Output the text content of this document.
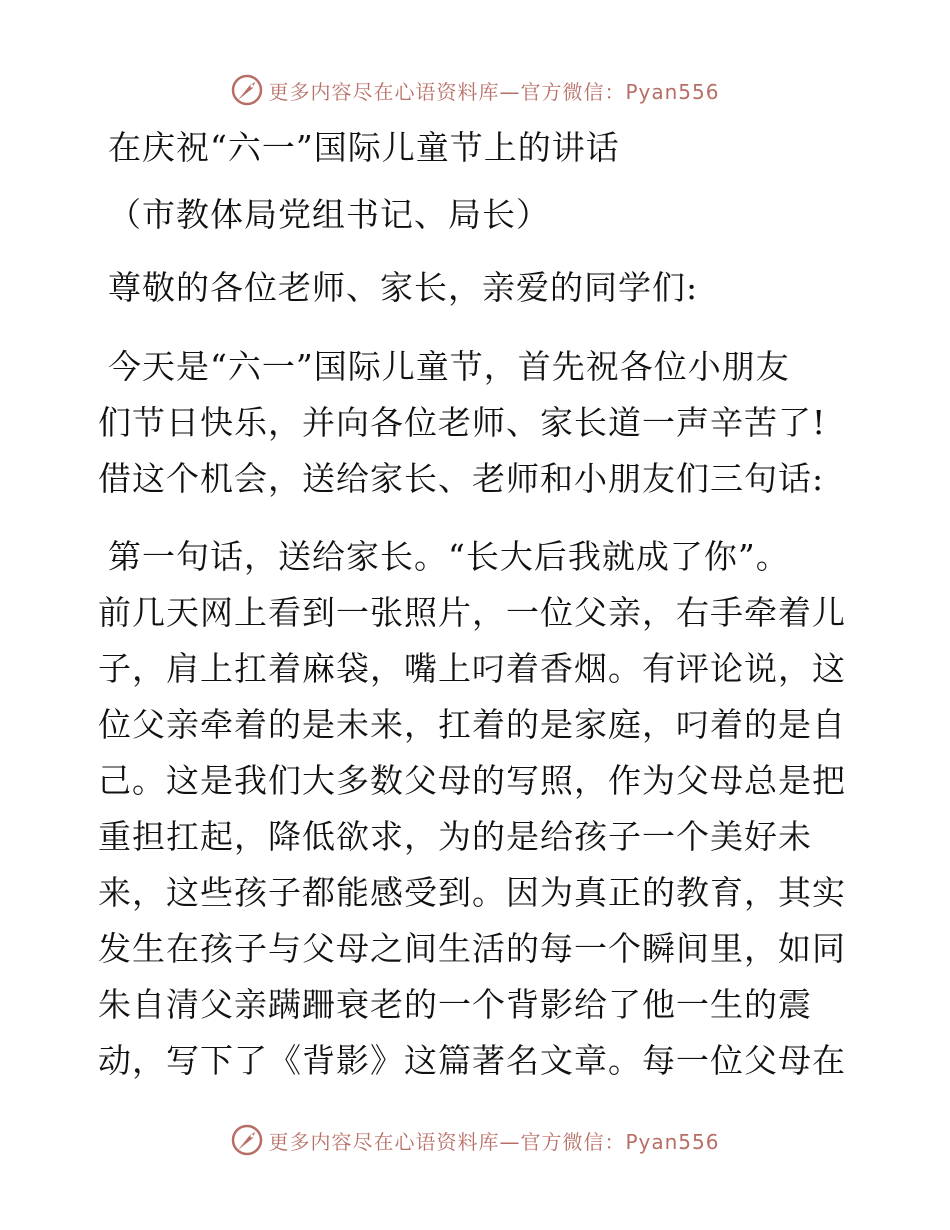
更多内容尽在心语资料库—官方微信：Pyan556

在庆祝“六一”国际儿童节上的讲话

（市教体局党组书记、局长）

尊敬的各位老师、家长，亲爱的同学们:

今天是“六一”国际儿童节，首先祝各位小朋友

们节日快乐，并向各位老师、家长道一声辛苦了!

借这个机会，送给家长、老师和小朋友们三句话:

第一句话，送给家长。“长大后我就成了你”。

前几天网上看到一张照片，一位父亲，右手牵着儿

子，肩上扛着麻袋，嘴上叼着香烟。有评论说，这

位父亲牵着的是未来，扛着的是家庭，叼着的是自

己。这是我们大多数父母的写照，作为父母总是把

重担扛起，降低欲求，为的是给孩子一个美好未

来，这些孩子都能感受到。因为真正的教育，其实

发生在孩子与父母之间生活的每一个瞬间里，如同

朱自清父亲蹒跚衰老的一个背影给了他一生的震

动，写下了《背影》这篇著名文章。每一位父母在

更多内容尽在心语资料库—官方微信：Pyan556
